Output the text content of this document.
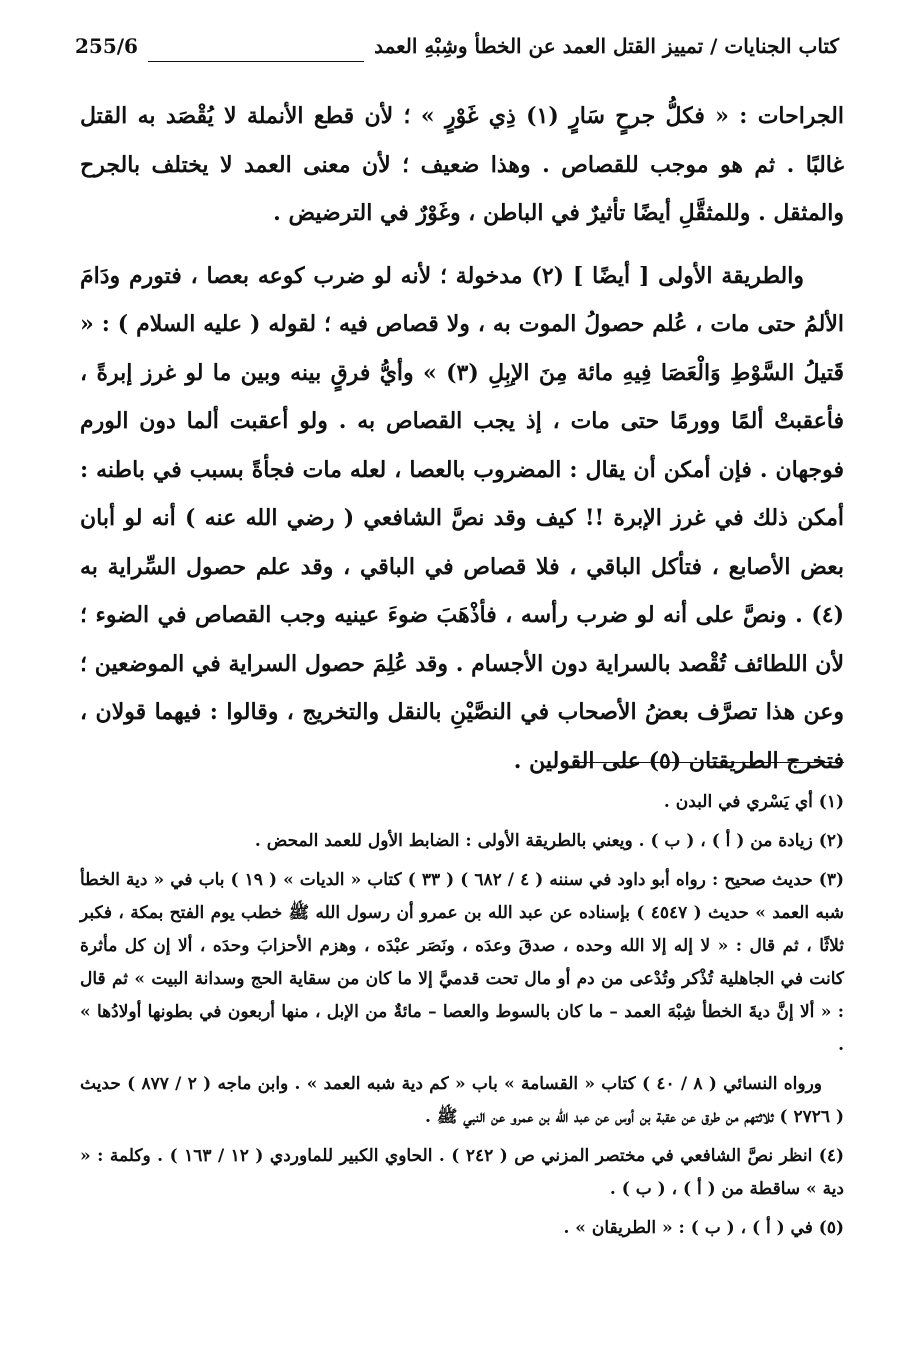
كتاب الجنايات / تمييز القتل العمد عن الخطأ وشِبْهِ العمد
255/6

الجراحات : « فكلُّ جرحٍ سَارٍ (١) ذِي غَوْرٍ » ؛ لأن قطع الأنملة لا يُقْصَد به القتل غالبًا . ثم هو موجب للقصاص . وهذا ضعيف ؛ لأن معنى العمد لا يختلف بالجرح والمثقل . وللمثقَّلِ أيضًا تأثيرٌ في الباطن ، وغَوْرٌ في الترضيض .

والطريقة الأولى [ أيضًا ] (٢) مدخولة ؛ لأنه لو ضرب كوعه بعصا ، فتورم ودَامَ الألمُ حتى مات ، عُلم حصولُ الموت به ، ولا قصاص فيه ؛ لقوله ( عليه السلام ) : « قَتيلُ السَّوْطِ وَالْعَصَا فِيهِ مائة مِنَ الإبِلِ (٣) » وأيُّ فرقٍ بينه وبين ما لو غرز إبرةً ، فأعقبتْ ألمًا وورمًا حتى مات ، إذ يجب القصاص به . ولو أعقبت ألما دون الورم فوجهان . فإن أمكن أن يقال : المضروب بالعصا ، لعله مات فجأةً بسبب في باطنه : أمكن ذلك في غرز الإبرة !! كيف وقد نصَّ الشافعي ( رضي الله عنه ) أنه لو أبان بعض الأصابع ، فتأكل الباقي ، فلا قصاص في الباقي ، وقد علم حصول السِّراية به (٤) . ونصَّ على أنه لو ضرب رأسه ، فأذْهَبَ ضوءَ عينيه وجب القصاص في الضوء ؛ لأن اللطائف تُقْصد بالسراية دون الأجسام . وقد عُلِمَ حصول السراية في الموضعين ؛ وعن هذا تصرَّف بعضُ الأصحاب في النصَّيْنِ بالنقل والتخريج ، وقالوا : فيهما قولان ، فتخرج الطريقتان (٥) على القولين .

(١) أي يَسْري في البدن .

(٢) زيادة من ( أ ) ، ( ب ) . ويعني بالطريقة الأولى : الضابط الأول للعمد المحض .

(٣) حديث صحيح : رواه أبو داود في سننه ( ٤ / ٦٨٢ ) ( ٣٣ ) كتاب « الديات » ( ١٩ ) باب في « دية الخطأ شبه العمد » حديث ( ٤٥٤٧ ) بإسناده عن عبد الله بن عمرو أن رسول الله ﷺ خطب يوم الفتح بمكة ، فكبر ثلاثًا ، ثم قال : « لا إله إلا الله وحده ، صدقَ وعدَه ، ونَصَر عبْدَه ، وهزم الأحزابَ وحدَه ، ألا إن كل مأثرة كانت في الجاهلية تُذْكر وتُدْعى من دم أو مال تحت قدميَّ إلا ما كان من سقاية الحج وسدانة البيت » ثم قال : « ألا إنَّ ديةَ الخطأ شِبْهَ العمد – ما كان بالسوط والعصا – مائةٌ من الإبل ، منها أربعون في بطونها أولادُها » .

ورواه النسائي ( ٨ / ٤٠ ) كتاب « القسامة » باب « كم دية شبه العمد » . وابن ماجه ( ٢ / ٨٧٧ ) حديث ( ٢٧٢٦ ) ثلاثتهم من طرق عن عقبة بن أوس عن عبد الله بن عمرو عن النبي ﷺ .

(٤) انظر نصَّ الشافعي في مختصر المزني ص ( ٢٤٢ ) . الحاوي الكبير للماوردي ( ١٢ / ١٦٣ ) . وكلمة : « دية » ساقطة من ( أ ) ، ( ب ) .

(٥) في ( أ ) ، ( ب ) : « الطريقان » .
